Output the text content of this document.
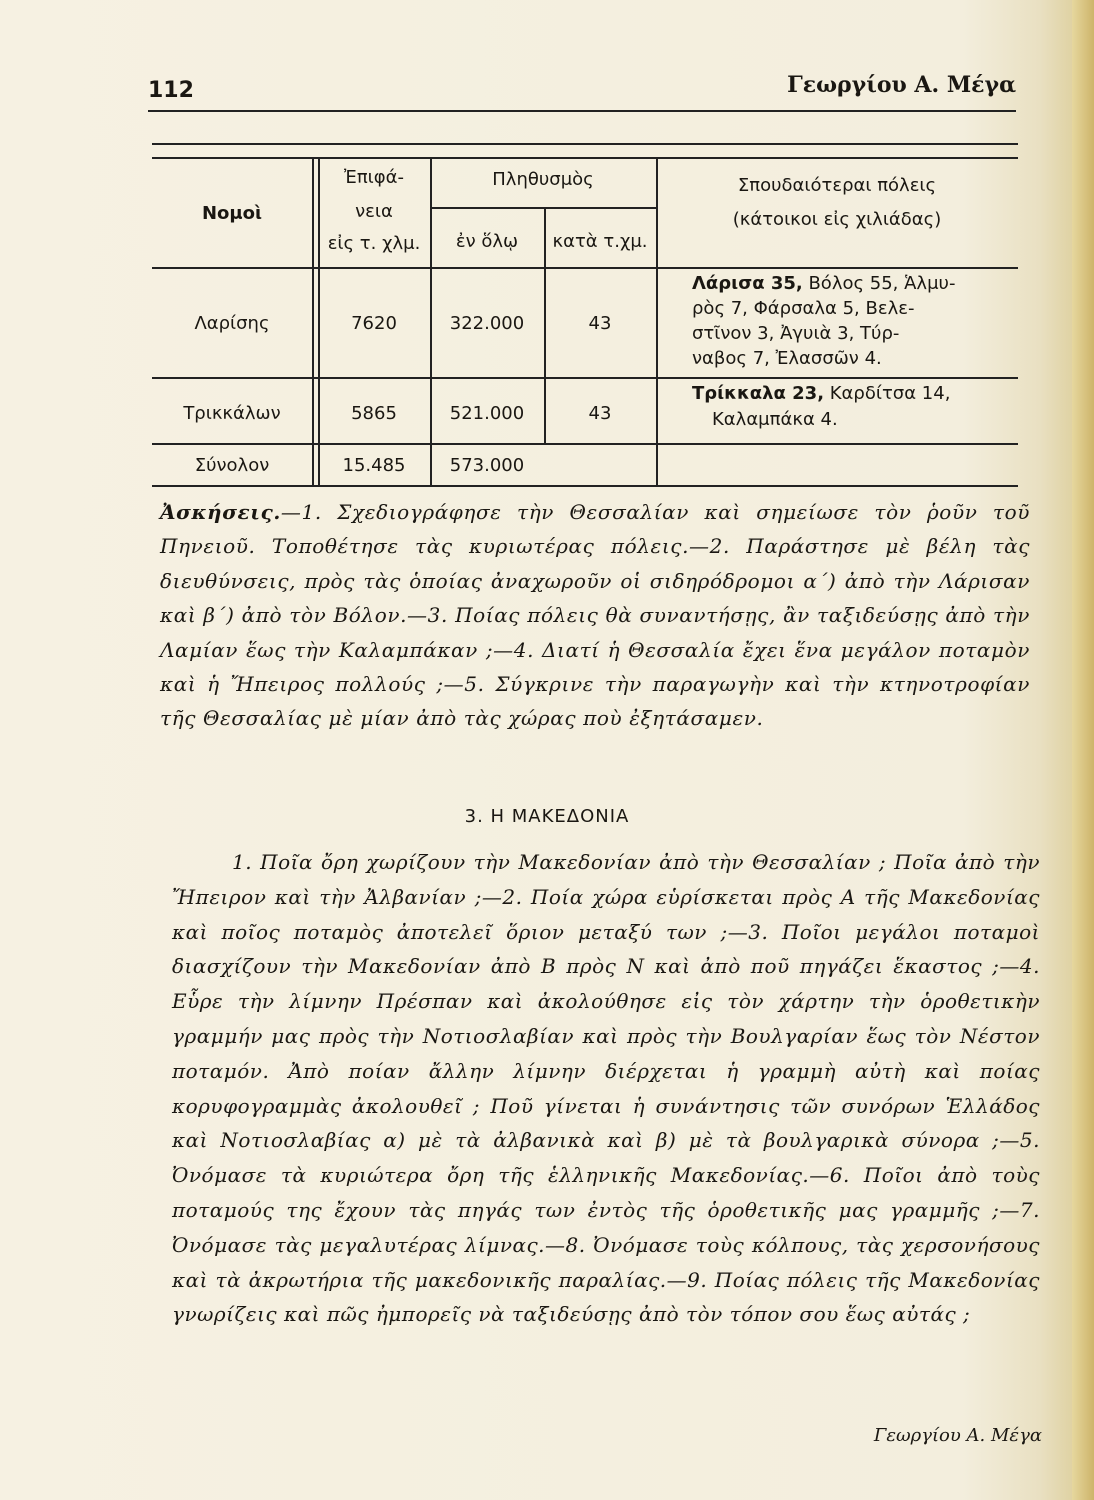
112	Γεωργίου Α. Μέγα
Νομοὶ
Ἐπιφά-
νεια
εἰς τ. χλμ.
Πληθυσμὸς
ἐν ὅλῳ	κατὰ τ.χμ.
Σπουδαιότεραι πόλεις
(κάτοικοι εἰς χιλιάδας)
Λαρίσης	7620	322.000	43
Λάρισα 35, Βόλος 55, Ἁλμυ-
ρὸς 7, Φάρσαλα 5, Βελε-
στῖνον 3, Ἀγυιὰ 3, Τύρ-
ναβος 7, Ἐλασσῶν 4.
Τρικκάλων	5865	521.000	43
Τρίκκαλα 23, Καρδίτσα 14,
Καλαμπάκα 4.
Σύνολον	15.485	573.000
Ἀσκήσεις.—1. Σχεδιογράφησε τὴν Θεσσαλίαν καὶ σημείωσε τὸν ῥοῦν τοῦ Πηνειοῦ. Τοποθέτησε τὰς κυριωτέρας πόλεις.—2. Παράστησε μὲ βέλη τὰς διευθύνσεις, πρὸς τὰς ὁποίας ἀναχωροῦν οἱ σιδηρόδρομοι α΄) ἀπὸ τὴν Λάρισαν καὶ β΄) ἀπὸ τὸν Βόλον.—3. Ποίας πόλεις θὰ συναντήσῃς, ἂν ταξιδεύσῃς ἀπὸ τὴν Λαμίαν ἕως τὴν Καλαμπάκαν ;—4. Διατί ἡ Θεσσαλία ἔχει ἕνα μεγάλον ποταμὸν καὶ ἡ Ἤπειρος πολλούς ;—5. Σύγκρινε τὴν παραγωγὴν καὶ τὴν κτηνοτροφίαν τῆς Θεσσαλίας μὲ μίαν ἀπὸ τὰς χώρας ποὺ ἐξητάσαμεν.
3. Η ΜΑΚΕΔΟΝΙΑ
1. Ποῖα ὄρη χωρίζουν τὴν Μακεδονίαν ἀπὸ τὴν Θεσσαλίαν ; Ποῖα ἀπὸ τὴν Ἤπειρον καὶ τὴν Ἀλβανίαν ;—2. Ποία χώρα εὑρίσκεται πρὸς Α τῆς Μακεδονίας καὶ ποῖος ποταμὸς ἀποτελεῖ ὅριον μεταξύ των ;—3. Ποῖοι μεγάλοι ποταμοὶ διασχίζουν τὴν Μακεδονίαν ἀπὸ Β πρὸς Ν καὶ ἀπὸ ποῦ πηγάζει ἕκαστος ;—4. Εὗρε τὴν λίμνην Πρέσπαν καὶ ἀκολούθησε εἰς τὸν χάρτην τὴν ὁροθετικὴν γραμμήν μας πρὸς τὴν Νοτιοσλαβίαν καὶ πρὸς τὴν Βουλγαρίαν ἕως τὸν Νέστον ποταμόν. Ἀπὸ ποίαν ἄλλην λίμνην διέρχεται ἡ γραμμὴ αὐτὴ καὶ ποίας κορυφογραμμὰς ἀκολουθεῖ ; Ποῦ γίνεται ἡ συνάντησις τῶν συνόρων Ἑλλάδος καὶ Νοτιοσλαβίας α) μὲ τὰ ἀλβανικὰ καὶ β) μὲ τὰ βουλγαρικὰ σύνορα ;—5. Ὀνόμασε τὰ κυριώτερα ὄρη τῆς ἑλληνικῆς Μακεδονίας.—6. Ποῖοι ἀπὸ τοὺς ποταμούς της ἔχουν τὰς πηγάς των ἐντὸς τῆς ὁροθετικῆς μας γραμμῆς ;—7. Ὀνόμασε τὰς μεγαλυτέρας λίμνας.—8. Ὀνόμασε τοὺς κόλπους, τὰς χερσονήσους καὶ τὰ ἀκρωτήρια τῆς μακεδονικῆς παραλίας.—9. Ποίας πόλεις τῆς Μακεδονίας γνωρίζεις καὶ πῶς ἠμπορεῖς νὰ ταξιδεύσῃς ἀπὸ τὸν τόπον σου ἕως αὐτάς ;
Γεωργίου Α. Μέγα
